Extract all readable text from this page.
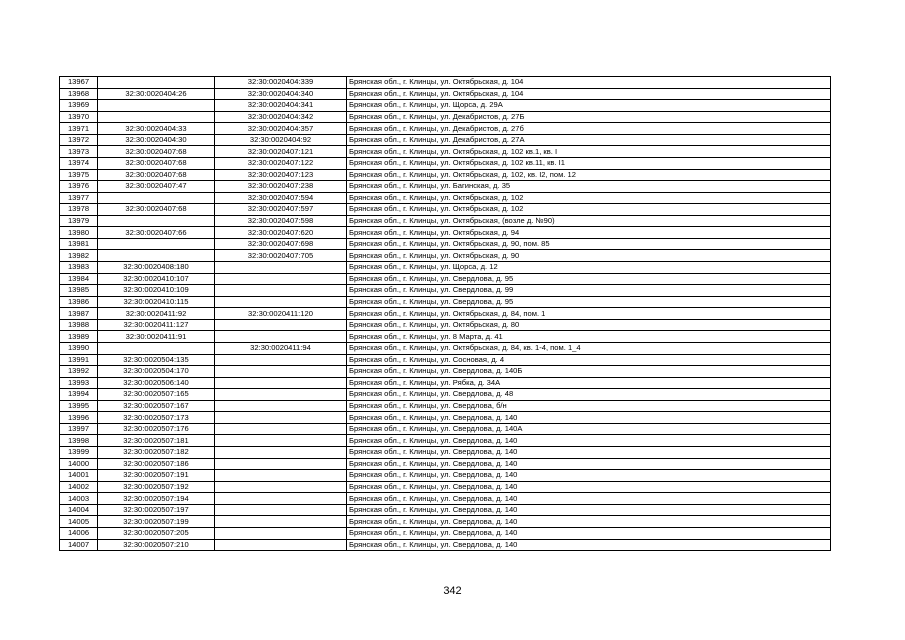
13967		32:30:0020404:339	Брянская обл., г. Клинцы, ул. Октябрьская, д. 104
13968	32:30:0020404:26	32:30:0020404:340	Брянская обл., г. Клинцы, ул. Октябрьская, д. 104
13969		32:30:0020404:341	Брянская обл., г. Клинцы, ул. Щорса, д. 29А
13970		32:30:0020404:342	Брянская обл., г. Клинцы, ул. Декабристов, д. 27Б
13971	32:30:0020404:33	32:30:0020404:357	Брянская обл., г. Клинцы, ул. Декабристов, д. 27б
13972	32:30:0020404:30	32:30:0020404:92	Брянская обл., г. Клинцы, ул. Декабристов, д. 27А
13973	32:30:0020407:68	32:30:0020407:121	Брянская обл., г. Клинцы, ул. Октябрьская, д. 102 кв.1, кв. I
13974	32:30:0020407:68	32:30:0020407:122	Брянская обл., г. Клинцы, ул. Октябрьская, д. 102 кв.11, кв. I1
13975	32:30:0020407:68	32:30:0020407:123	Брянская обл., г. Клинцы, ул. Октябрьская, д. 102, кв. I2, пом. 12
13976	32:30:0020407:47	32:30:0020407:238	Брянская обл., г. Клинцы, ул. Багинская, д. 35
13977		32:30:0020407:594	Брянская обл., г. Клинцы, ул. Октябрьская, д. 102
13978	32:30:0020407:68	32:30:0020407:597	Брянская обл., г. Клинцы, ул. Октябрьская, д. 102
13979		32:30:0020407:598	Брянская обл., г. Клинцы, ул. Октябрьская, (возле д. №90)
13980	32:30:0020407:66	32:30:0020407:620	Брянская обл., г. Клинцы, ул. Октябрьская, д. 94
13981		32:30:0020407:698	Брянская обл., г. Клинцы, ул. Октябрьская, д. 90, пом. 85
13982		32:30:0020407:705	Брянская обл., г. Клинцы, ул. Октябрьская, д. 90
13983	32:30:0020408:180		Брянская обл., г. Клинцы, ул. Щорса, д. 12
13984	32:30:0020410:107		Брянская обл., г. Клинцы, ул. Свердлова, д. 95
13985	32:30:0020410:109		Брянская обл., г. Клинцы, ул. Свердлова, д. 99
13986	32:30:0020410:115		Брянская обл., г. Клинцы, ул. Свердлова, д. 95
13987	32:30:0020411:92	32:30:0020411:120	Брянская обл., г. Клинцы, ул. Октябрьская, д. 84, пом. 1
13988	32:30:0020411:127		Брянская обл., г. Клинцы, ул. Октябрьская, д. 80
13989	32:30:0020411:91		Брянская обл., г. Клинцы, ул. 8 Марта, д. 41
13990		32:30:0020411:94	Брянская обл., г. Клинцы, ул. Октябрьская, д. 84, кв. 1-4, пом. 1_4
13991	32:30:0020504:135		Брянская обл., г. Клинцы, ул. Сосновая, д. 4
13992	32:30:0020504:170		Брянская обл., г. Клинцы, ул. Свердлова, д. 140Б
13993	32:30:0020506:140		Брянская обл., г. Клинцы, ул. Рябка, д. 34А
13994	32:30:0020507:165		Брянская обл., г. Клинцы, ул. Свердлова, д. 48
13995	32:30:0020507:167		Брянская обл., г. Клинцы, ул. Свердлова, б/н
13996	32:30:0020507:173		Брянская обл., г. Клинцы, ул. Свердлова, д. 140
13997	32:30:0020507:176		Брянская обл., г. Клинцы, ул. Свердлова, д. 140А
13998	32:30:0020507:181		Брянская обл., г. Клинцы, ул. Свердлова, д. 140
13999	32:30:0020507:182		Брянская обл., г. Клинцы, ул. Свердлова, д. 140
14000	32:30:0020507:186		Брянская обл., г. Клинцы, ул. Свердлова, д. 140
14001	32:30:0020507:191		Брянская обл., г. Клинцы, ул. Свердлова, д. 140
14002	32:30:0020507:192		Брянская обл., г. Клинцы, ул. Свердлова, д. 140
14003	32:30:0020507:194		Брянская обл., г. Клинцы, ул. Свердлова, д. 140
14004	32:30:0020507:197		Брянская обл., г. Клинцы, ул. Свердлова, д. 140
14005	32:30:0020507:199		Брянская обл., г. Клинцы, ул. Свердлова, д. 140
14006	32:30:0020507:205		Брянская обл., г. Клинцы, ул. Свердлова, д. 140
14007	32:30:0020507:210		Брянская обл., г. Клинцы, ул. Свердлова, д. 140
342
